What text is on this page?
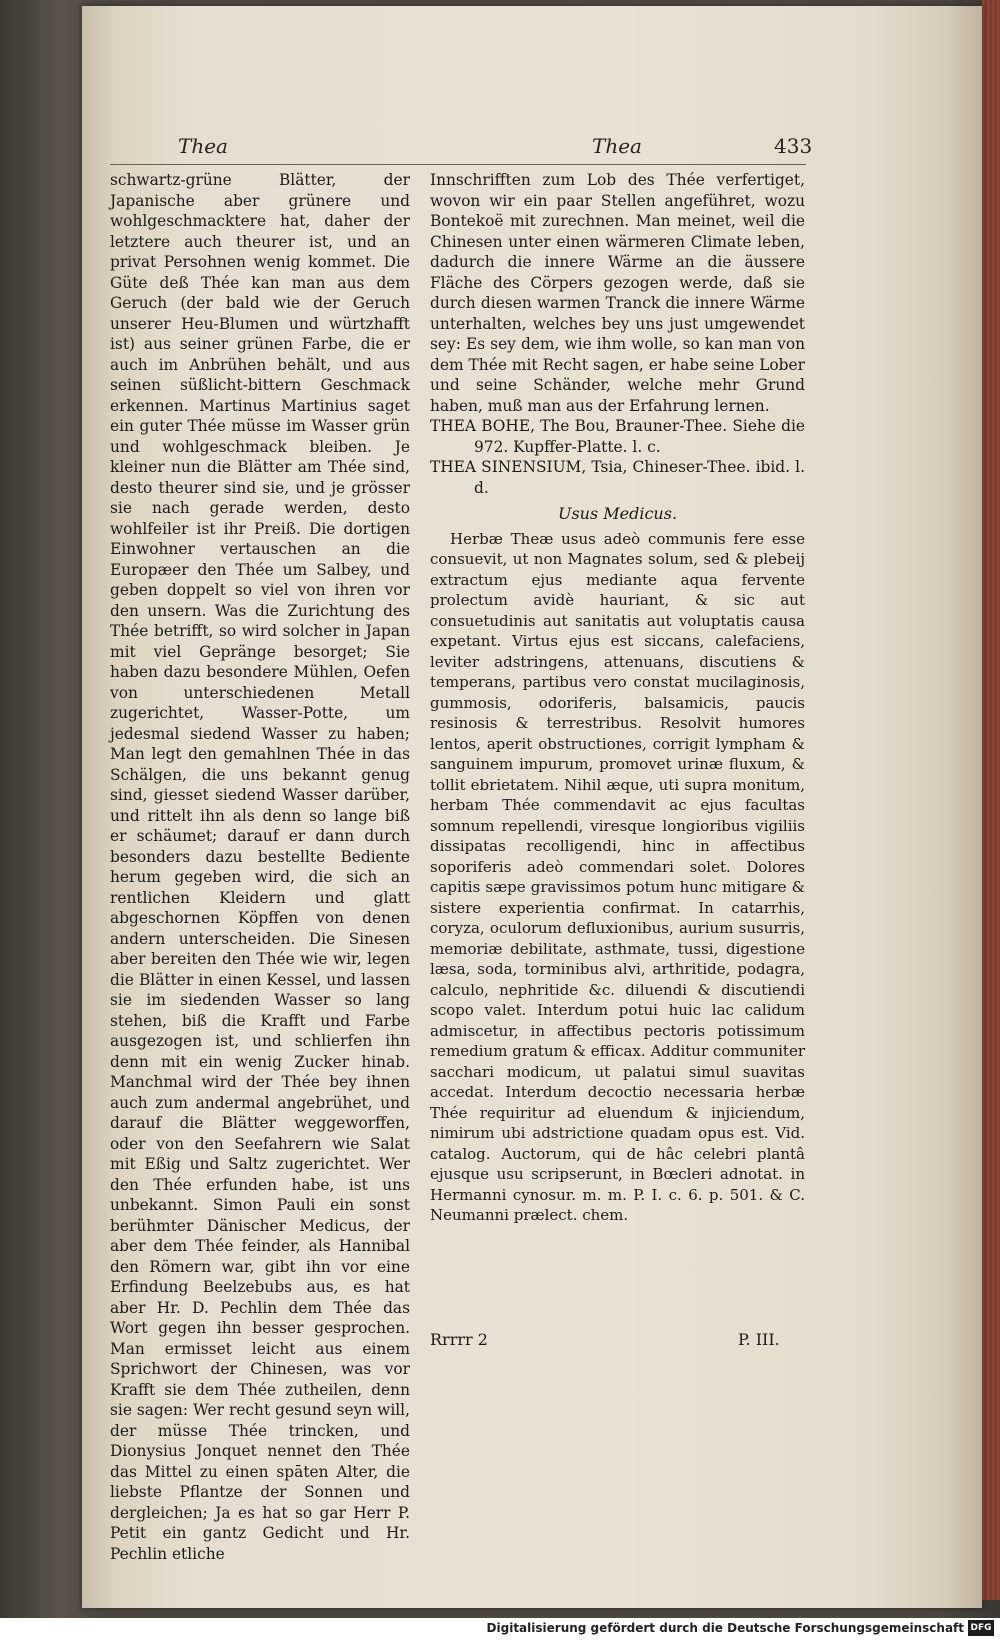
Thea	Thea	433

schwartz-grüne Blätter, der Japanische aber grünere und wohlgeschmacktere hat, daher der letztere auch theurer ist, und an privat Persohnen wenig kommet. Die Güte deß Thée kan man aus dem Geruch (der bald wie der Geruch unserer Heu-Blumen und würtzhafft ist) aus seiner grünen Farbe, die er auch im Anbrühen behält, und aus seinen süßlicht-bittern Geschmack erkennen. Martinus Martinius saget ein guter Thée müsse im Wasser grün und wohlgeschmack bleiben. Je kleiner nun die Blätter am Thée sind, desto theurer sind sie, und je grösser sie nach gerade werden, desto wohlfeiler ist ihr Preiß. Die dortigen Einwohner vertauschen an die Europæer den Thée um Salbey, und geben doppelt so viel von ihren vor den unsern. Was die Zurichtung des Thée betrifft, so wird solcher in Japan mit viel Gepränge besorget; Sie haben dazu besondere Mühlen, Oefen von unterschiedenen Metall zugerichtet, Wasser-Potte, um jedesmal siedend Wasser zu haben; Man legt den gemahlnen Thée in das Schälgen, die uns bekannt genug sind, giesset siedend Wasser darüber, und rittelt ihn als denn so lange biß er schäumet; darauf er dann durch besonders dazu bestellte Bediente herum gegeben wird, die sich an rentlichen Kleidern und glatt abgeschornen Köpffen von denen andern unterscheiden. Die Sinesen aber bereiten den Thée wie wir, legen die Blätter in einen Kessel, und lassen sie im siedenden Wasser so lang stehen, biß die Krafft und Farbe ausgezogen ist, und schlierfen ihn denn mit ein wenig Zucker hinab. Manchmal wird der Thée bey ihnen auch zum andermal angebrühet, und darauf die Blätter weggeworffen, oder von den Seefahrern wie Salat mit Eßig und Saltz zugerichtet. Wer den Thée erfunden habe, ist uns unbekannt. Simon Pauli ein sonst berühmter Dänischer Medicus, der aber dem Thée feinder, als Hannibal den Römern war, gibt ihn vor eine Erfindung Beelzebubs aus, es hat aber Hr. D. Pechlin dem Thée das Wort gegen ihn besser gesprochen. Man ermisset leicht aus einem Sprichwort der Chinesen, was vor Krafft sie dem Thée zutheilen, denn sie sagen: Wer recht gesund seyn will, der müsse Thée trincken, und Dionysius Jonquet nennet den Thée das Mittel zu einen spāten Alter, die liebste Pflantze der Sonnen und dergleichen; Ja es hat so gar Herr P. Petit ein gantz Gedicht und Hr. Pechlin etliche

Innschrifften zum Lob des Thée verfertiget, wovon wir ein paar Stellen angeführet, wozu Bontekoë mit zurechnen. Man meinet, weil die Chinesen unter einen wärmeren Climate leben, dadurch die innere Wärme an die äussere Fläche des Cörpers gezogen werde, daß sie durch diesen warmen Tranck die innere Wärme unterhalten, welches bey uns just umgewendet sey: Es sey dem, wie ihm wolle, so kan man von dem Thée mit Recht sagen, er habe seine Lober und seine Schänder, welche mehr Grund haben, muß man aus der Erfahrung lernen.

THEA BOHE, The Bou, Brauner-Thee. Siehe die 972. Kupffer-Platte. l. c.

THEA SINENSIUM, Tsia, Chineser-Thee. ibid. l. d.

Usus Medicus.

Herbæ Theæ usus adeò communis fere esse consuevit, ut non Magnates solum, sed & plebeij extractum ejus mediante aqua fervente prolectum avidè hauriant, & sic aut consuetudinis aut sanitatis aut voluptatis causa expetant. Virtus ejus est siccans, calefaciens, leviter adstringens, attenuans, discutiens & temperans, partibus vero constat mucilaginosis, gummosis, odoriferis, balsamicis, paucis resinosis & terrestribus. Resolvit humores lentos, aperit obstructiones, corrigit lympham & sanguinem impurum, promovet urinæ fluxum, & tollit ebrietatem. Nihil æque, uti supra monitum, herbam Thée commendavit ac ejus facultas somnum repellendi, viresque longioribus vigiliis dissipatas recolligendi, hinc in affectibus soporiferis adeò commendari solet. Dolores capitis sæpe gravissimos potum hunc mitigare & sistere experientia confirmat. In catarrhis, coryza, oculorum defluxionibus, aurium susurris, memoriæ debilitate, asthmate, tussi, digestione læsa, soda, torminibus alvi, arthritide, podagra, calculo, nephritide &c. diluendi & discutiendi scopo valet. Interdum potui huic lac calidum admiscetur, in affectibus pectoris potissimum remedium gratum & efficax. Additur communiter sacchari modicum, ut palatui simul suavitas accedat. Interdum decoctio necessaria herbæ Thée requiritur ad eluendum & injiciendum, nimirum ubi adstrictione quadam opus est. Vid. catalog. Auctorum, qui de hâc celebri plantâ ejusque usu scripserunt, in Bœcleri adnotat. in Hermanni cynosur. m. m. P. I. c. 6. p. 501. & C. Neumanni prælect. chem.

Rrrrr 2	P. III.
Digitalisierung gefördert durch die Deutsche Forschungsgemeinschaft DFG
